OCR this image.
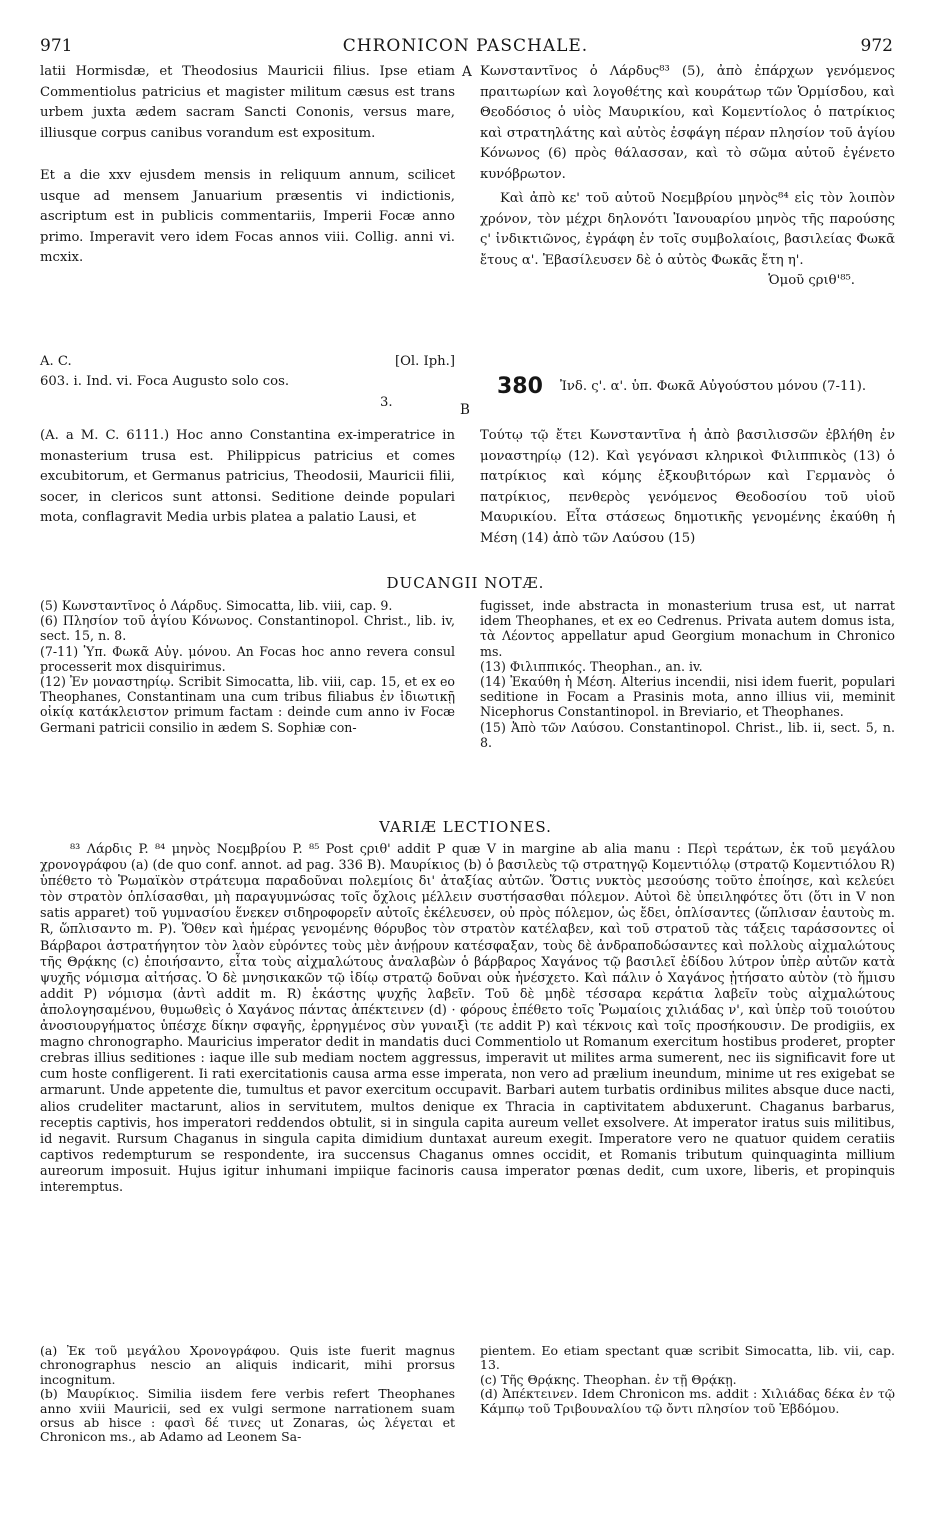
971	CHRONICON PASCHALE.	972

latii Hormisdæ, et Theodosius Mauricii filius. Ipse etiam Commentiolus patricius et magister militum cæsus est trans urbem juxta ædem sacram Sancti Cononis, versus mare, illiusque corpus canibus vorandum est expositum.

Et a die xxv ejusdem mensis in reliquum annum, scilicet usque ad mensem Januarium præsentis vi indictionis, ascriptum est in publicis commentariis, Imperii Focæ anno primo. Imperavit vero idem Focas annos viii. Collig. anni vi. mcxix.

A
A. C.	[Ol. Iph.]
603. i. Ind. vi. Foca Augusto solo cos.
3.	B

(A. a M. C. 6111.) Hoc anno Constantina ex-imperatrice in monasterium trusa est. Philippicus patricius et comes excubitorum, et Germanus patricius, Theodosii, Mauricii filii, socer, in clericos sunt attonsi. Seditione deinde populari mota, conflagravit Media urbis platea a palatio Lausi, et

Κωνσταντῖνος ὁ Λάρδυς⁸³ (5), ἀπὸ ἐπάρχων γενόμενος πραιτωρίων καὶ λογοθέτης καὶ κουράτωρ τῶν Ὁρμίσδου, καὶ Θεοδόσιος ὁ υἱὸς Μαυρικίου, καὶ Κομεντίολος ὁ πατρίκιος καὶ στρατηλάτης καὶ αὐτὸς ἐσφάγη πέραν πλησίον τοῦ ἁγίου Κόνωνος (6) πρὸς θάλασσαν, καὶ τὸ σῶμα αὐτοῦ ἐγένετο κυνόβρωτον.

Καὶ ἀπὸ κε' τοῦ αὐτοῦ Νοεμβρίου μηνὸς⁸⁴ εἰς τὸν λοιπὸν χρόνον, τὸν μέχρι δηλονότι Ἰανουαρίου μηνὸς τῆς παρούσης ς' ἰνδικτιῶνος, ἐγράφη ἐν τοῖς συμβολαίοις, βασιλείας Φωκᾶ ἔτους α'. Ἐβασίλευσεν δὲ ὁ αὐτὸς Φωκᾶς ἔτη η'.

Ὁμοῦ ςριθ'⁸⁵.

380 Ἰνδ. ς'. α'. ὑπ. Φωκᾶ Αὐγούστου μόνου (7-11).

Τούτῳ τῷ ἔτει Κωνσταντῖνα ἡ ἀπὸ βασιλισσῶν ἐβλήθη ἐν μοναστηρίῳ (12). Καὶ γεγόνασι κληρικοὶ Φιλιππικὸς (13) ὁ πατρίκιος καὶ κόμης ἐξκουβιτόρων καὶ Γερμανὸς ὁ πατρίκιος, πενθερὸς γενόμενος Θεοδοσίου τοῦ υἱοῦ Μαυρικίου. Εἶτα στάσεως δημοτικῆς γενομένης ἐκαύθη ἡ Μέση (14) ἀπὸ τῶν Λαύσου (15)

DUCANGII NOTÆ.

(5) Κωνσταντῖνος ὁ Λάρδυς. Simocatta, lib. viii, cap. 9.

(6) Πλησίον τοῦ ἁγίου Κόνωνος. Constantinopol. Christ., lib. iv, sect. 15, n. 8.

(7-11) Ὑπ. Φωκᾶ Αὐγ. μόνου. An Focas hoc anno revera consul processerit mox disquirimus.

(12) Ἐν μοναστηρίῳ. Scribit Simocatta, lib. viii, cap. 15, et ex eo Theophanes, Constantinam una cum tribus filiabus ἐν ἰδιωτικῇ οἰκίᾳ κατάκλειστον primum factam : deinde cum anno iv Focæ Germani patricii consilio in ædem S. Sophiæ con-

fugisset, inde abstracta in monasterium trusa est, ut narrat idem Theophanes, et ex eo Cedrenus. Privata autem domus ista, τὰ Λέοντος appellatur apud Georgium monachum in Chronico ms.

(13) Φιλιππικός. Theophan., an. iv.

(14) Ἐκαύθη ἡ Μέση. Alterius incendii, nisi idem fuerit, populari seditione in Focam a Prasinis mota, anno illius vii, meminit Nicephorus Constantinopol. in Breviario, et Theophanes.

(15) Ἀπὸ τῶν Λαύσου. Constantinopol. Christ., lib. ii, sect. 5, n. 8.

VARIÆ LECTIONES.

⁸³ Λάρδις P. ⁸⁴ μηνὸς Νοεμβρίου P. ⁸⁵ Post ςριθ' addit P quæ V in margine ab alia manu : Περὶ τεράτων, ἐκ τοῦ μεγάλου χρονογράφου (a) (de quo conf. annot. ad pag. 336 B). Μαυρίκιος (b) ὁ βασιλεὺς τῷ στρατηγῷ Κομεντιόλῳ (στρατῷ Κομεντιόλου R) ὑπέθετο τὸ Ῥωμαϊκὸν στράτευμα παραδοῦναι πολεμίοις δι' ἀταξίας αὐτῶν. Ὅστις νυκτὸς μεσούσης τοῦτο ἐποίησε, καὶ κελεύει τὸν στρατὸν ὁπλίσασθαι, μὴ παραγυμνώσας τοῖς ὄχλοις μέλλειν συστήσασθαι πόλεμον. Αὐτοὶ δὲ ὑπειληφότες ὅτι (ὅτι in V non satis apparet) τοῦ γυμνασίου ἕνεκεν σιδηροφορεῖν αὐτοῖς ἐκέλευσεν, οὐ πρὸς πόλεμον, ὡς ἔδει, ὁπλίσαντες (ὥπλισαν ἑαυτοὺς m. R, ὥπλισαντο m. P). Ὅθεν καὶ ἡμέρας γενομένης θόρυβος τὸν στρατὸν κατέλαβεν, καὶ τοῦ στρατοῦ τὰς τάξεις ταράσσοντες οἱ Βάρβαροι ἀστρατήγητον τὸν λαὸν εὑρόντες τοὺς μὲν ἀνῄρουν κατέσφαξαν, τοὺς δὲ ἀνδραποδώσαντες καὶ πολλοὺς αἰχμαλώτους τῆς Θρᾴκης (c) ἐποιήσαντο, εἶτα τοὺς αἰχμαλώτους ἀναλαβὼν ὁ βάρβαρος Χαγάνος τῷ βασιλεῖ ἐδίδου λύτρον ὑπὲρ αὐτῶν κατὰ ψυχῆς νόμισμα αἰτήσας. Ὁ δὲ μνησικακῶν τῷ ἰδίῳ στρατῷ δοῦναι οὐκ ἠνέσχετο. Καὶ πάλιν ὁ Χαγάνος ᾐτήσατο αὐτὸν (τὸ ἥμισυ addit P) νόμισμα (ἀντὶ addit m. R) ἑκάστης ψυχῆς λαβεῖν. Τοῦ δὲ μηδὲ τέσσαρα κεράτια λαβεῖν τοὺς αἰχμαλώτους ἀπολογησαμένου, θυμωθεὶς ὁ Χαγάνος πάντας ἀπέκτεινεν (d) · φόρους ἐπέθετο τοῖς Ῥωμαίοις χιλιάδας ν', καὶ ὑπὲρ τοῦ τοιούτου ἀνοσιουργήματος ὑπέσχε δίκην σφαγῆς, ἐρρηγμένος σὺν γυναιξὶ (τε addit P) καὶ τέκνοις καὶ τοῖς προσήκουσιν. De prodigiis, ex magno chronographo. Mauricius imperator dedit in mandatis duci Commentiolo ut Romanum exercitum hostibus proderet, propter crebras illius seditiones : iaque ille sub mediam noctem aggressus, imperavit ut milites arma sumerent, nec iis significavit fore ut cum hoste confligerent. Ii rati exercitationis causa arma esse imperata, non vero ad prælium ineundum, minime ut res exigebat se armarunt. Unde appetente die, tumultus et pavor exercitum occupavit. Barbari autem turbatis ordinibus milites absque duce nacti, alios crudeliter mactarunt, alios in servitutem, multos denique ex Thracia in captivitatem abduxerunt. Chaganus barbarus, receptis captivis, hos imperatori reddendos obtulit, si in singula capita aureum vellet exsolvere. At imperator iratus suis militibus, id negavit. Rursum Chaganus in singula capita dimidium duntaxat aureum exegit. Imperatore vero ne quatuor quidem ceratiis captivos redempturum se respondente, ira succensus Chaganus omnes occidit, et Romanis tributum quinquaginta millium aureorum imposuit. Hujus igitur inhumani impiique facinoris causa imperator pœnas dedit, cum uxore, liberis, et propinquis interemptus.

(a) Ἐκ τοῦ μεγάλου Χρονογράφου. Quis iste fuerit magnus chronographus nescio an aliquis indicarit, mihi prorsus incognitum.

(b) Μαυρίκιος. Similia iisdem fere verbis refert Theophanes anno xviii Mauricii, sed ex vulgi sermone narrationem suam orsus ab hisce : φασὶ δέ τινες ut Zonaras, ὡς λέγεται et Chronicon ms., ab Adamo ad Leonem Sa-

pientem. Eo etiam spectant quæ scribit Simocatta, lib. vii, cap. 13.

(c) Τῆς Θρᾴκης. Theophan. ἐν τῇ Θρᾴκῃ.

(d) Ἀπέκτεινεν. Idem Chronicon ms. addit : Χιλιάδας δέκα ἐν τῷ Κάμπῳ τοῦ Τριβουναλίου τῷ ὄντι πλησίον τοῦ Ἑβδόμου.
